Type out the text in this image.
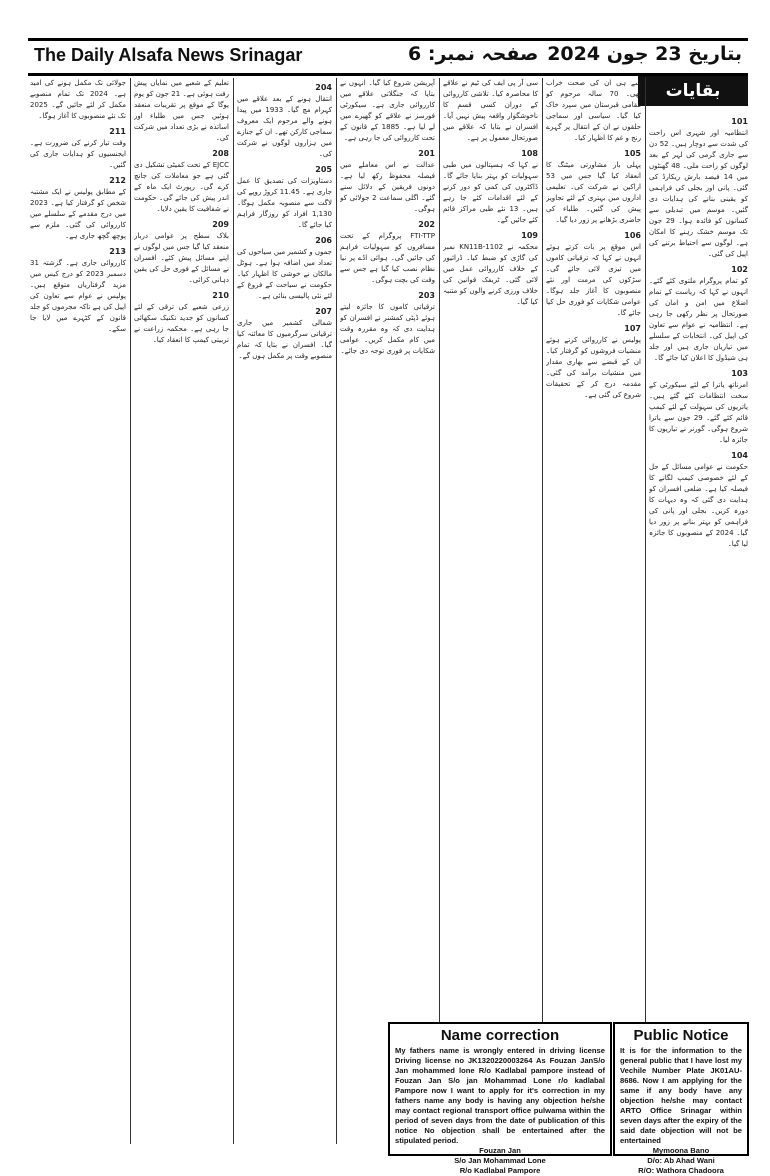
The Daily Alsafa News Srinagar	صفحہ نمبر: 6 بتاریخ 23 جون 2024
بقایات
101

انتظامیہ اور شہری اس راحت کی شدت سے دوچار ہیں۔ 52 دن سے جاری گرمی کی لہر کے بعد لوگوں کو راحت ملی۔ 48 گھنٹوں میں 14 فیصد بارش ریکارڈ کی گئی۔ پانی اور بجلی کی فراہمی کو یقینی بنانے کی ہدایات دی گئیں۔ موسم میں تبدیلی سے کسانوں کو فائدہ ہوا۔ 29 جون تک موسم خشک رہنے کا امکان ہے۔ لوگوں سے احتیاط برتنے کی اپیل کی گئی۔

102

کو تمام پروگرام ملتوی کئے گئے۔ انہوں نے کہا کہ ریاست کے تمام اضلاع میں امن و امان کی صورتحال پر نظر رکھی جا رہی ہے۔ انتظامیہ نے عوام سے تعاون کی اپیل کی۔ انتخابات کے سلسلے میں تیاریاں جاری ہیں اور جلد ہی شیڈول کا اعلان کیا جائے گا۔

103

امرناتھ یاترا کے لئے سیکورٹی کے سخت انتظامات کئے گئے ہیں۔ یاتریوں کی سہولت کے لئے کیمپ قائم کئے گئے۔ 29 جون سے یاترا شروع ہوگی۔ گورنر نے تیاریوں کا جائزہ لیا۔

104

حکومت نے عوامی مسائل کے حل کے لئے خصوصی کیمپ لگانے کا فیصلہ کیا ہے۔ ضلعی افسران کو ہدایت دی گئی کہ وہ دیہات کا دورہ کریں۔ بجلی اور پانی کی فراہمی کو بہتر بنانے پر زور دیا گیا۔ 2024 کے منصوبوں کا جائزہ لیا گیا۔

سے ہی ان کی صحت خراب تھی۔ 70 سالہ مرحوم کو مقامی قبرستان میں سپرد خاک کیا گیا۔ سیاسی اور سماجی حلقوں نے ان کے انتقال پر گہرے رنج و غم کا اظہار کیا۔

105

پہلی بار مشاورتی میٹنگ کا انعقاد کیا گیا جس میں 53 اراکین نے شرکت کی۔ تعلیمی اداروں میں بہتری کے لئے تجاویز پیش کی گئیں۔ طلباء کی حاضری بڑھانے پر زور دیا گیا۔

106

اس موقع پر بات کرتے ہوئے انہوں نے کہا کہ ترقیاتی کاموں میں تیزی لائی جائے گی۔ سڑکوں کی مرمت اور نئے منصوبوں کا آغاز جلد ہوگا۔ عوامی شکایات کو فوری حل کیا جائے گا۔

107

پولیس نے کارروائی کرتے ہوئے منشیات فروشوں کو گرفتار کیا۔ ان کے قبضے سے بھاری مقدار میں منشیات برآمد کی گئی۔ مقدمہ درج کر کے تحقیقات شروع کی گئی ہے۔

سی آر پی ایف کی ٹیم نے علاقے کا محاصرہ کیا۔ تلاشی کارروائی کے دوران کسی قسم کا ناخوشگوار واقعہ پیش نہیں آیا۔ افسران نے بتایا کہ علاقے میں صورتحال معمول پر ہے۔

108

نے کہا کہ ہسپتالوں میں طبی سہولیات کو بہتر بنایا جائے گا۔ ڈاکٹروں کی کمی کو دور کرنے کے لئے اقدامات کئے جا رہے ہیں۔ 13 نئے طبی مراکز قائم کئے جائیں گے۔

109

محکمہ نے KN11B-1102 نمبر کی گاڑی کو ضبط کیا۔ ڈرائیور کے خلاف کارروائی عمل میں لائی گئی۔ ٹریفک قوانین کی خلاف ورزی کرنے والوں کو متنبہ کیا گیا۔

آپریشن شروع کیا گیا۔ انہوں نے بتایا کہ جنگلاتی علاقے میں کارروائی جاری ہے۔ سیکورٹی فورسز نے علاقے کو گھیرے میں لے لیا ہے۔ 1885 کے قانون کے تحت کارروائی کی جا رہی ہے۔

201

عدالت نے اس معاملے میں فیصلہ محفوظ رکھ لیا ہے۔ دونوں فریقین کے دلائل سنے گئے۔ اگلی سماعت 2 جولائی کو ہوگی۔

202

FTI-TTP پروگرام کے تحت مسافروں کو سہولیات فراہم کی جائیں گی۔ ہوائی اڈے پر نیا نظام نصب کیا گیا ہے جس سے وقت کی بچت ہوگی۔

203

ترقیاتی کاموں کا جائزہ لیتے ہوئے ڈپٹی کمشنر نے افسران کو ہدایت دی کہ وہ مقررہ وقت میں کام مکمل کریں۔ عوامی شکایات پر فوری توجہ دی جائے۔

204

انتقال ہونے کے بعد علاقے میں کہرام مچ گیا۔ 1933 میں پیدا ہونے والے مرحوم ایک معروف سماجی کارکن تھے۔ ان کے جنازے میں ہزاروں لوگوں نے شرکت کی۔

205

دستاویزات کی تصدیق کا عمل جاری ہے۔ 11.45 کروڑ روپے کی لاگت سے منصوبہ مکمل ہوگا۔ 1,130 افراد کو روزگار فراہم کیا جائے گا۔

206

جموں و کشمیر میں سیاحوں کی تعداد میں اضافہ ہوا ہے۔ ہوٹل مالکان نے خوشی کا اظہار کیا۔ حکومت نے سیاحت کے فروغ کے لئے نئی پالیسی بنائی ہے۔

207

شمالی کشمیر میں جاری ترقیاتی سرگرمیوں کا معائنہ کیا گیا۔ افسران نے بتایا کہ تمام منصوبے وقت پر مکمل ہوں گے۔

تعلیم کے شعبے میں نمایاں پیش رفت ہوئی ہے۔ 21 جون کو یوم یوگا کے موقع پر تقریبات منعقد ہوئیں جس میں طلباء اور اساتذہ نے بڑی تعداد میں شرکت کی۔

208

EJCC کے تحت کمیٹی تشکیل دی گئی ہے جو معاملات کی جانچ کرے گی۔ رپورٹ ایک ماہ کے اندر پیش کی جائے گی۔ حکومت نے شفافیت کا یقین دلایا۔

209

بلاک سطح پر عوامی دربار منعقد کیا گیا جس میں لوگوں نے اپنے مسائل پیش کئے۔ افسران نے مسائل کے فوری حل کی یقین دہانی کرائی۔

210

زرعی شعبے کی ترقی کے لئے کسانوں کو جدید تکنیک سکھائی جا رہی ہے۔ محکمہ زراعت نے تربیتی کیمپ کا انعقاد کیا۔

جولائی تک مکمل ہونے کی امید ہے۔ 2024 تک تمام منصوبے مکمل کر لئے جائیں گے۔ 2025 تک نئے منصوبوں کا آغاز ہوگا۔

211

وقت تیار کرنے کی ضرورت ہے۔ ایجنسیوں کو ہدایات جاری کی گئیں۔

212

کے مطابق پولیس نے ایک مشتبہ شخص کو گرفتار کیا ہے۔ 2023 میں درج مقدمے کے سلسلے میں کارروائی کی گئی۔ ملزم سے پوچھ گچھ جاری ہے۔

213

کارروائی جاری ہے۔ گزشتہ 31 دسمبر 2023 کو درج کیس میں مزید گرفتاریاں متوقع ہیں۔ پولیس نے عوام سے تعاون کی اپیل کی ہے تاکہ مجرموں کو جلد قانون کے کٹہرے میں لایا جا سکے۔

Name correction
My fathers name is wrongly entered in driving license Driving license no JK1320220003264 As Fouzan JanS/o Jan mohammed lone R/o Kadlabal pampore instead of Fouzan Jan S/o jan Mohammad Lone r/o kadlabal Pampore now I want to apply for it's correction in my fathers name any body is having any objection he/she may contact regional transport office pulwama within the period of seven days from the date of publication of this notice No objection shall be entertained after the stipulated period.
Fouzan Jan
S/o Jan Mohammad Lone
R/o Kadlabal Pampore
Public Notice
It is for the information to the general public that I have lost my Vechile Number Plate JK01AU-8686. Now I am applying for the same if any body have any objection he/she may contact ARTO Office Srinagar within seven days after the expiry of the said date objection will not be entertained
Mymoona Bano
D/o: Ab Ahad Wani
R/O: Wathora Chadoora
